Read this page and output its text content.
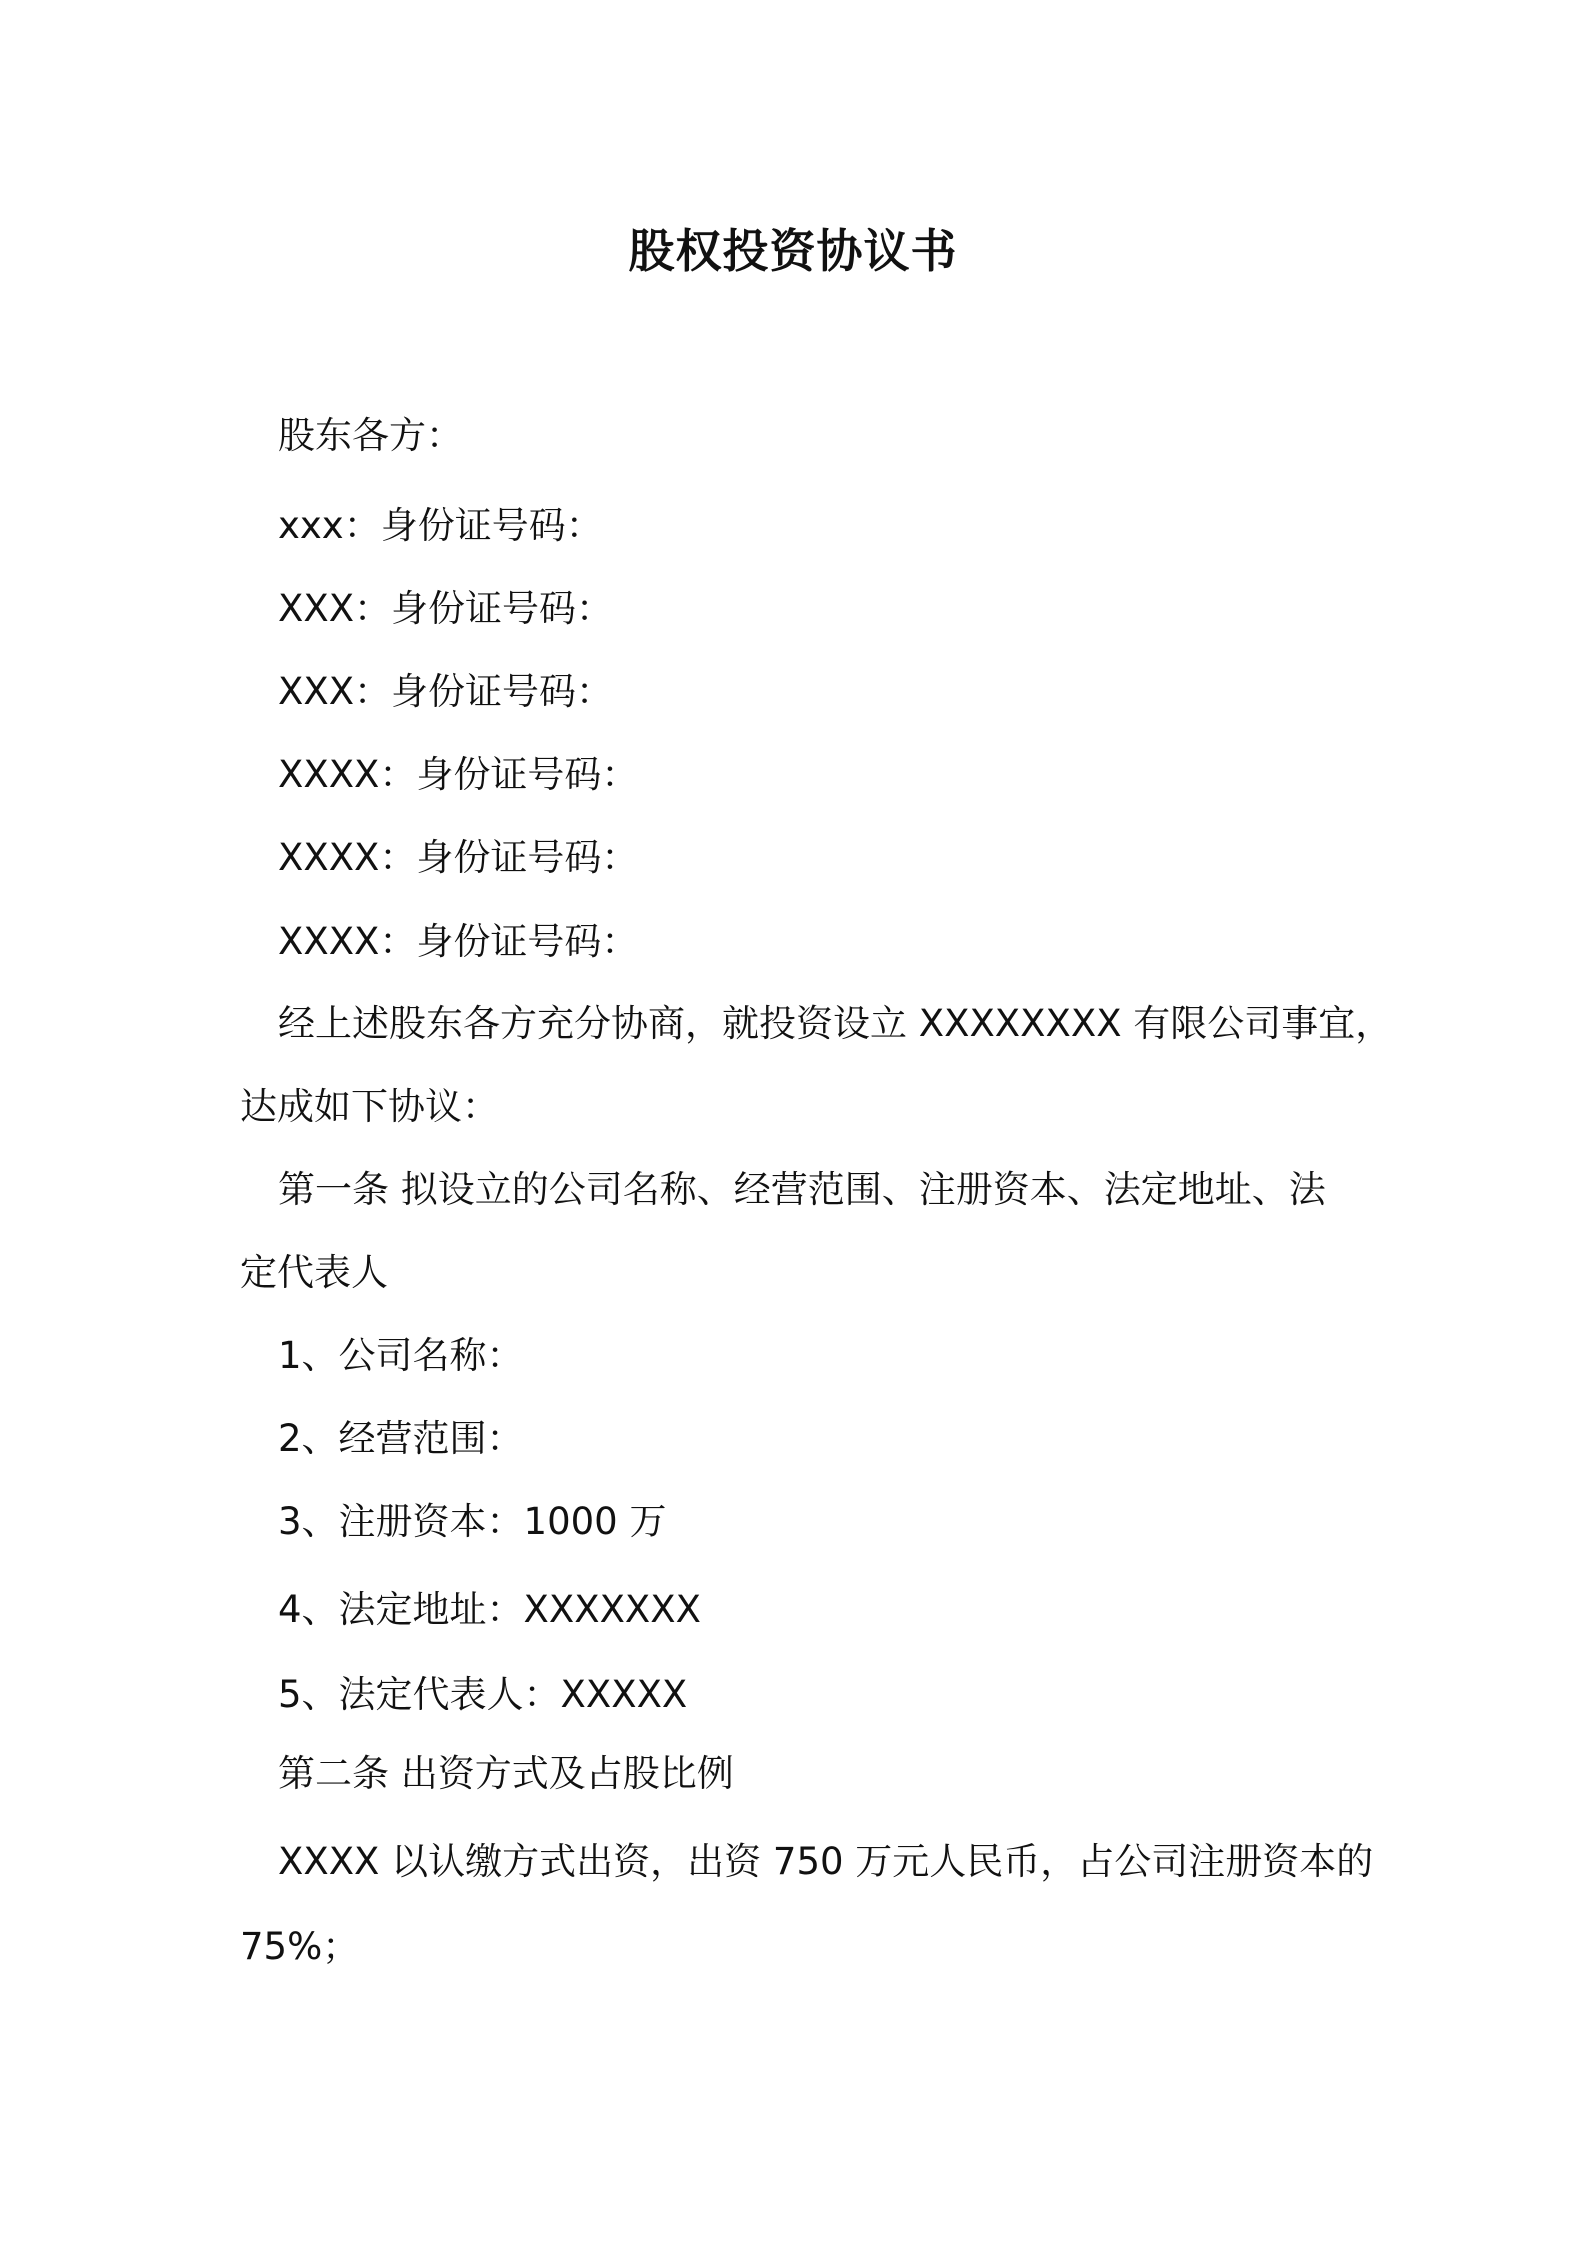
股权投资协议书
股东各方：
xxx：身份证号码：
XXX：身份证号码：
XXX：身份证号码：
XXXX：身份证号码：
XXXX：身份证号码：
XXXX：身份证号码：
经上述股东各方充分协商，就投资设立 XXXXXXXX 有限公司事宜，
达成如下协议：
第一条 拟设立的公司名称、经营范围、注册资本、法定地址、法
定代表人
1、公司名称：
2、经营范围：
3、注册资本：1000 万
4、法定地址：XXXXXXX
5、法定代表人：XXXXX
第二条 出资方式及占股比例
XXXX 以认缴方式出资，出资 750 万元人民币，占公司注册资本的
75%；
